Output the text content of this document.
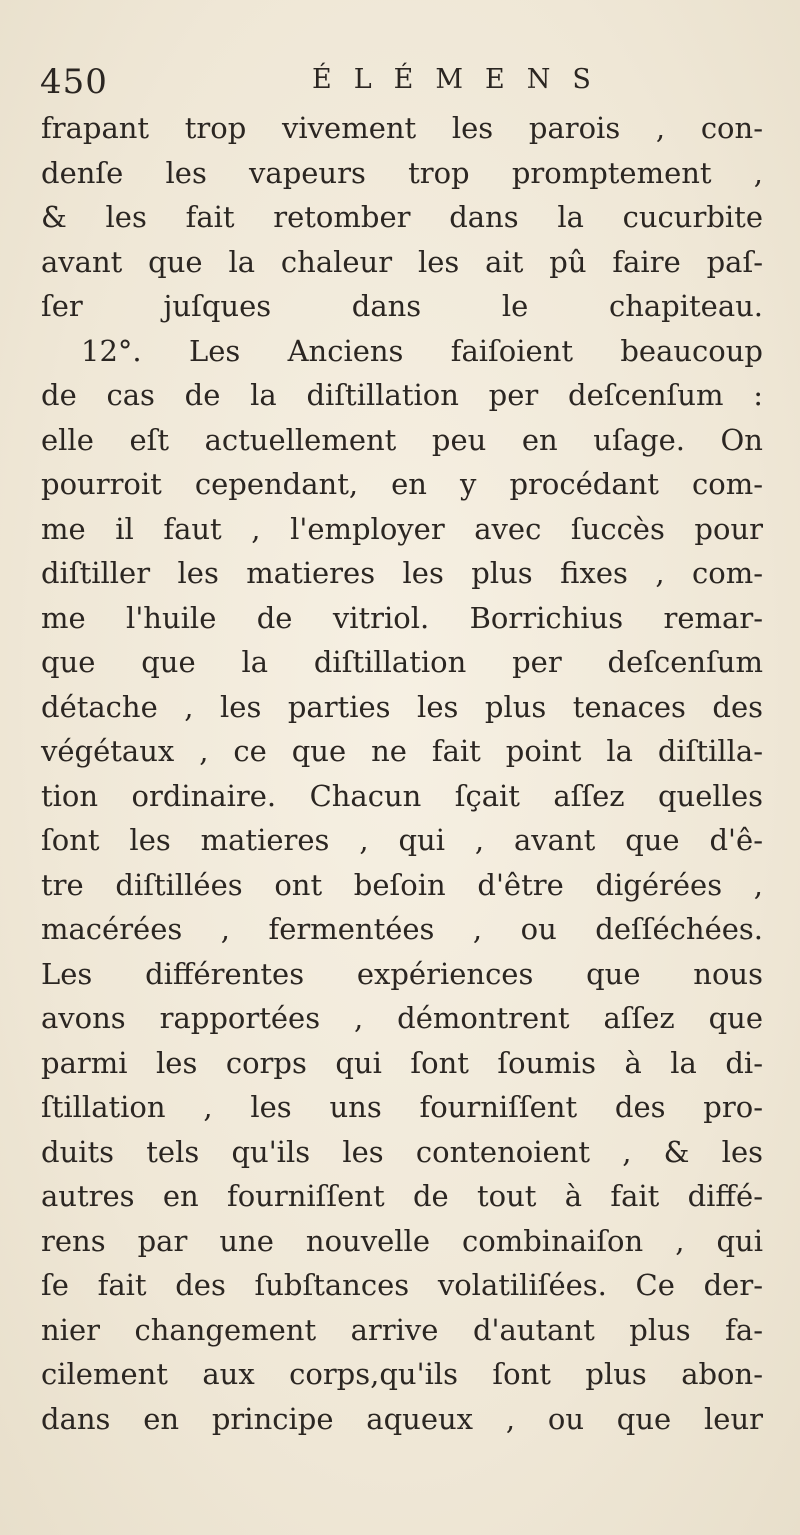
450	ÉLÉMENS
frapant trop vivement les parois , con-
denſe les vapeurs trop promptement ,
& les fait retomber dans la cucurbite
avant que la chaleur les ait pû faire paſ-
ſer juſques dans le chapiteau.
12°. Les Anciens faiſoient beaucoup
de cas de la diſtillation per deſcenſum :
elle eſt actuellement peu en uſage. On
pourroit cependant, en y procédant com-
me il faut , l'employer avec ſuccès pour
diſtiller les matieres les plus fixes , com-
me l'huile de vitriol. Borrichius remar-
que que la diſtillation per deſcenſum
détache , les parties les plus tenaces des
végétaux , ce que ne fait point la diſtilla-
tion ordinaire. Chacun ſçait aſſez quelles
ſont les matieres , qui , avant que d'ê-
tre diſtillées ont beſoin d'être digérées ,
macérées , fermentées , ou deſſéchées.
Les différentes expériences que nous
avons rapportées , démontrent aſſez que
parmi les corps qui ſont ſoumis à la di-
ſtillation , les uns fourniſſent des pro-
duits tels qu'ils les contenoient , & les
autres en fourniſſent de tout à fait diffé-
rens par une nouvelle combinaiſon , qui
ſe fait des ſubſtances volatiliſées. Ce der-
nier changement arrive d'autant plus fa-
cilement aux corps,qu'ils ſont plus abon-
dans en principe aqueux , ou que leur
